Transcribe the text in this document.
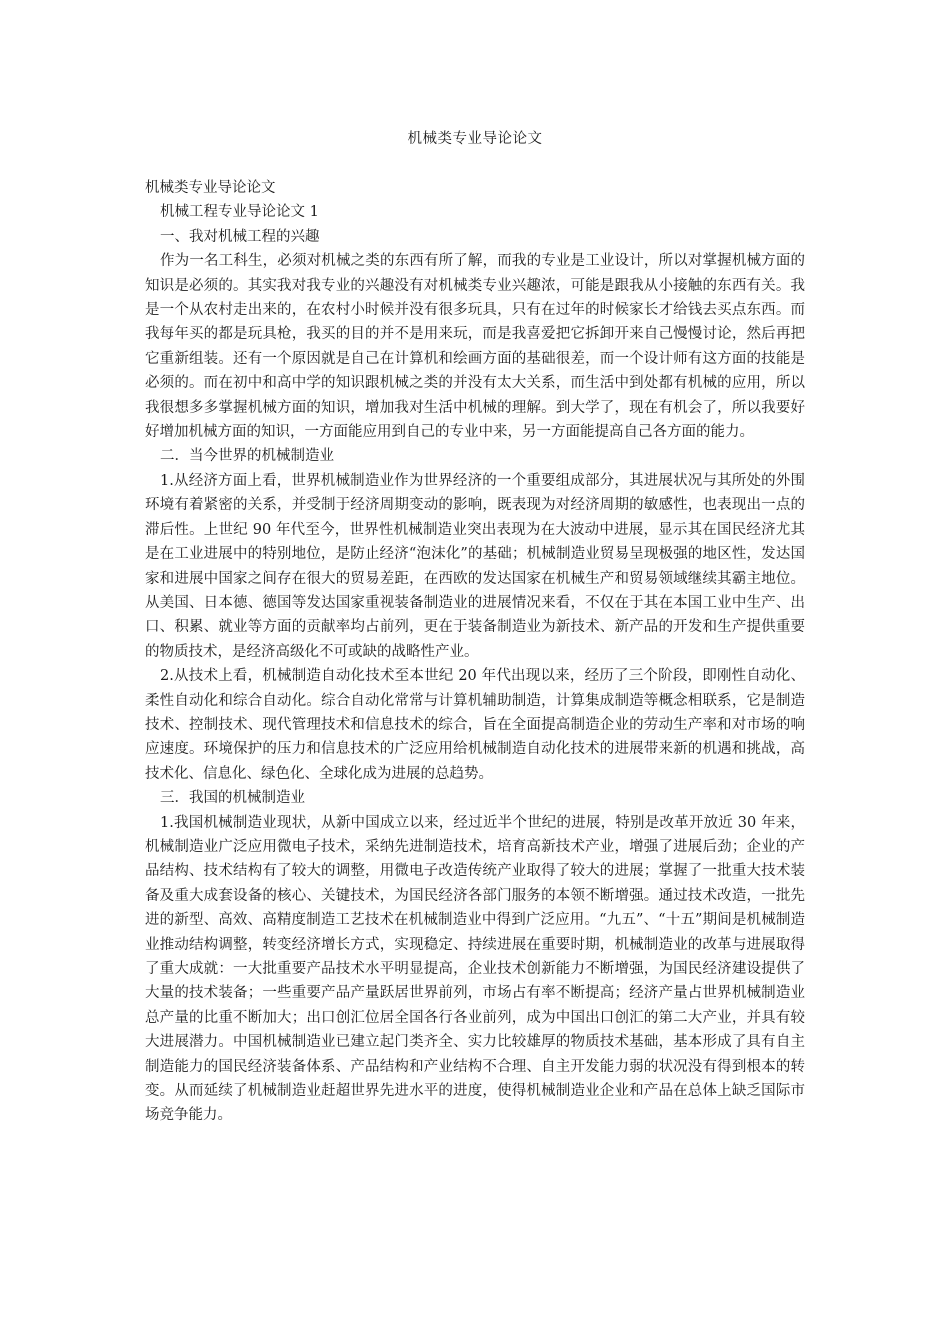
机械类专业导论论文

机械类专业导论论文

机械工程专业导论论文 1

一、我对机械工程的兴趣

作为一名工科生，必须对机械之类的东西有所了解，而我的专业是工业设计，所以对掌握机械方面的知识是必须的。其实我对我专业的兴趣没有对机械类专业兴趣浓，可能是跟我从小接触的东西有关。我是一个从农村走出来的，在农村小时候并没有很多玩具，只有在过年的时候家长才给钱去买点东西。而我每年买的都是玩具枪，我买的目的并不是用来玩，而是我喜爱把它拆卸开来自己慢慢讨论，然后再把它重新组装。还有一个原因就是自己在计算机和绘画方面的基础很差，而一个设计师有这方面的技能是必须的。而在初中和高中学的知识跟机械之类的并没有太大关系，而生活中到处都有机械的应用，所以我很想多多掌握机械方面的知识，增加我对生活中机械的理解。到大学了，现在有机会了，所以我要好好增加机械方面的知识，一方面能应用到自己的专业中来，另一方面能提高自己各方面的能力。

二．当今世界的机械制造业

1.从经济方面上看，世界机械制造业作为世界经济的一个重要组成部分，其进展状况与其所处的外围环境有着紧密的关系，并受制于经济周期变动的影响，既表现为对经济周期的敏感性，也表现出一点的滞后性。上世纪 90 年代至今，世界性机械制造业突出表现为在大波动中进展，显示其在国民经济尤其是在工业进展中的特别地位，是防止经济“泡沫化”的基础；机械制造业贸易呈现极强的地区性，发达国家和进展中国家之间存在很大的贸易差距，在西欧的发达国家在机械生产和贸易领域继续其霸主地位。从美国、日本德、德国等发达国家重视装备制造业的进展情况来看，不仅在于其在本国工业中生产、出口、积累、就业等方面的贡献率均占前列，更在于装备制造业为新技术、新产品的开发和生产提供重要的物质技术，是经济高级化不可或缺的战略性产业。

2.从技术上看，机械制造自动化技术至本世纪 20 年代出现以来，经历了三个阶段，即刚性自动化、柔性自动化和综合自动化。综合自动化常常与计算机辅助制造，计算集成制造等概念相联系，它是制造技术、控制技术、现代管理技术和信息技术的综合，旨在全面提高制造企业的劳动生产率和对市场的响应速度。环境保护的压力和信息技术的广泛应用给机械制造自动化技术的进展带来新的机遇和挑战，高技术化、信息化、绿色化、全球化成为进展的总趋势。

三．我国的机械制造业

1.我国机械制造业现状，从新中国成立以来，经过近半个世纪的进展，特别是改革开放近 30 年来，机械制造业广泛应用微电子技术，采纳先进制造技术，培育高新技术产业，增强了进展后劲；企业的产品结构、技术结构有了较大的调整，用微电子改造传统产业取得了较大的进展；掌握了一批重大技术装备及重大成套设备的核心、关键技术，为国民经济各部门服务的本领不断增强。通过技术改造，一批先进的新型、高效、高精度制造工艺技术在机械制造业中得到广泛应用。“九五”、“十五”期间是机械制造业推动结构调整，转变经济增长方式，实现稳定、持续进展在重要时期，机械制造业的改革与进展取得了重大成就：一大批重要产品技术水平明显提高，企业技术创新能力不断增强，为国民经济建设提供了大量的技术装备；一些重要产品产量跃居世界前列，市场占有率不断提高；经济产量占世界机械制造业总产量的比重不断加大；出口创汇位居全国各行各业前列，成为中国出口创汇的第二大产业，并具有较大进展潜力。中国机械制造业已建立起门类齐全、实力比较雄厚的物质技术基础，基本形成了具有自主制造能力的国民经济装备体系、产品结构和产业结构不合理、自主开发能力弱的状况没有得到根本的转变。从而延续了机械制造业赶超世界先进水平的进度，使得机械制造业企业和产品在总体上缺乏国际市场竞争能力。
